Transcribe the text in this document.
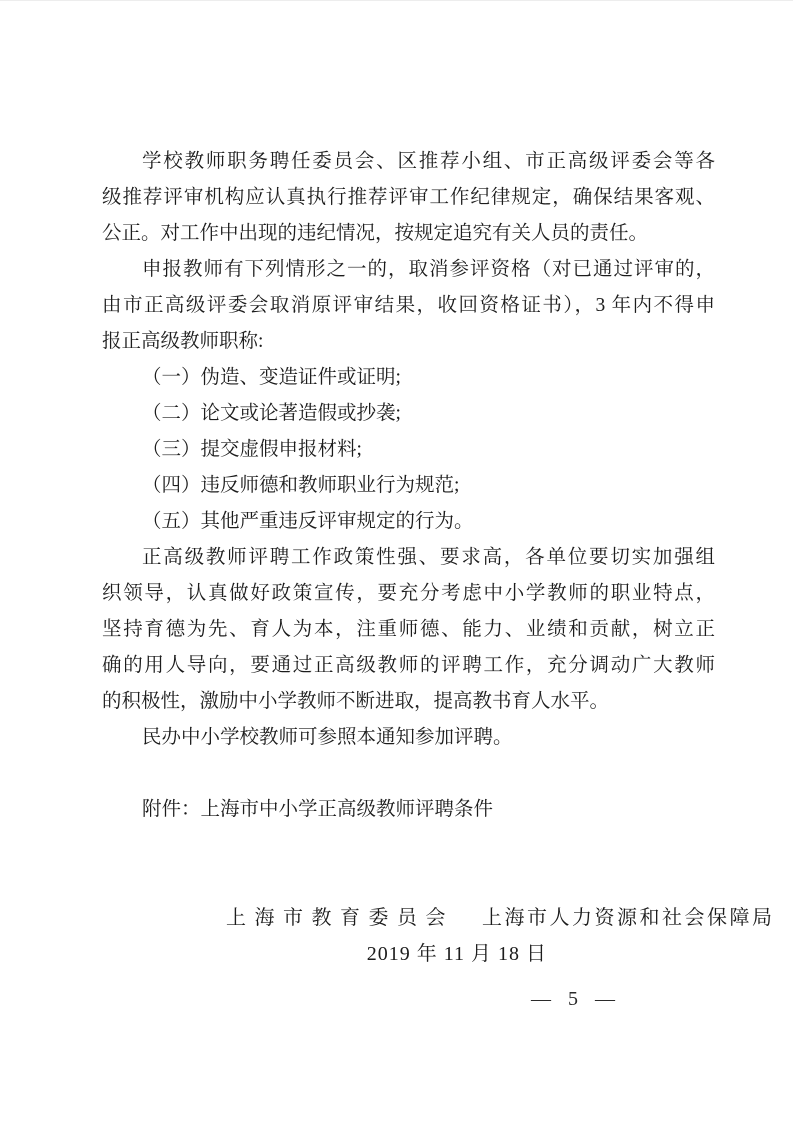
学校教师职务聘任委员会、区推荐小组、市正高级评委会等各
级推荐评审机构应认真执行推荐评审工作纪律规定，确保结果客观、
公正。对工作中出现的违纪情况，按规定追究有关人员的责任。
申报教师有下列情形之一的，取消参评资格（对已通过评审的，
由市正高级评委会取消原评审结果，收回资格证书），3 年内不得申
报正高级教师职称:
（一）伪造、变造证件或证明;
（二）论文或论著造假或抄袭;
（三）提交虚假申报材料;
（四）违反师德和教师职业行为规范;
（五）其他严重违反评审规定的行为。
正高级教师评聘工作政策性强、要求高，各单位要切实加强组
织领导，认真做好政策宣传，要充分考虑中小学教师的职业特点，
坚持育德为先、育人为本，注重师德、能力、业绩和贡献，树立正
确的用人导向，要通过正高级教师的评聘工作，充分调动广大教师
的积极性，激励中小学教师不断进取，提高教书育人水平。
民办中小学校教师可参照本通知参加评聘。
附件：上海市中小学正高级教师评聘条件
上海市教育委员会 上海市人力资源和社会保障局
2019 年 11 月 18 日
— 5 —
